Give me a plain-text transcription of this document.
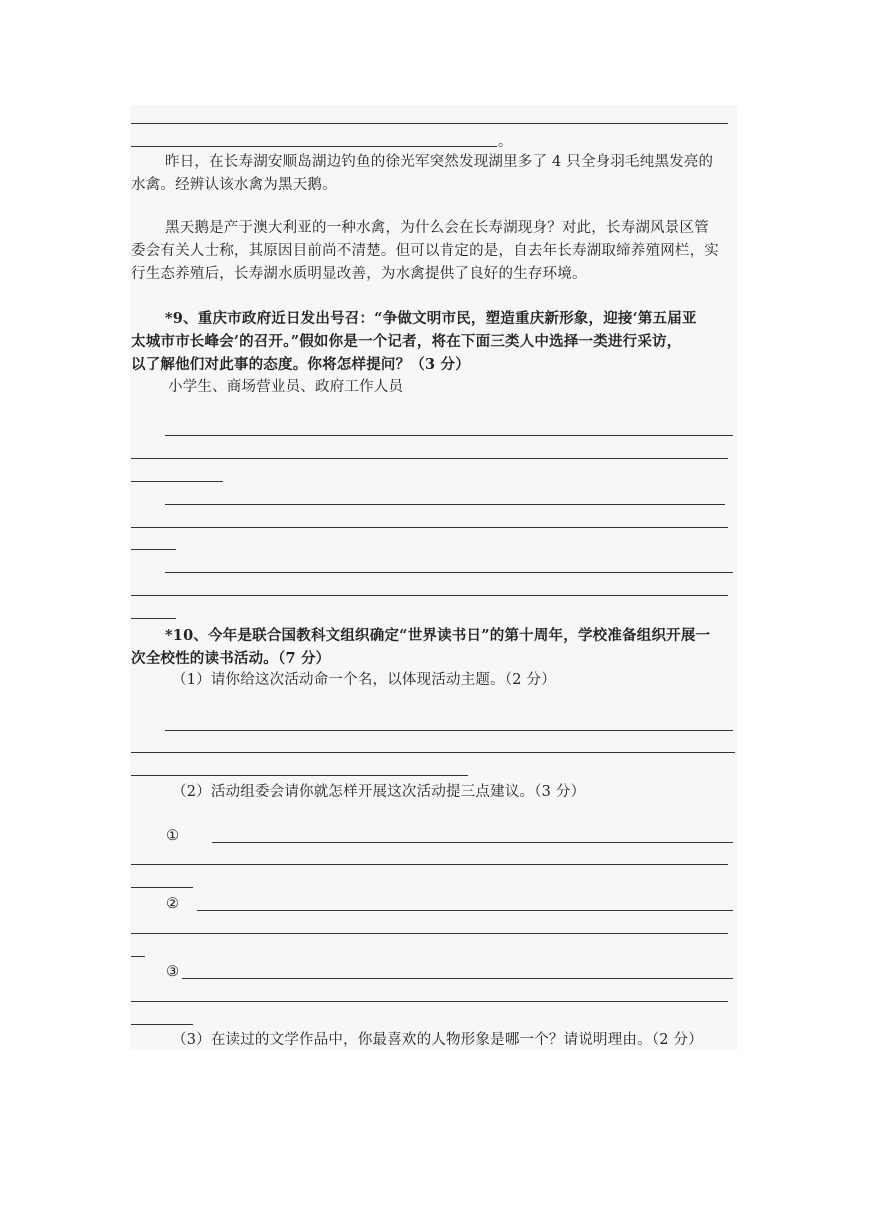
。
昨日，在长寿湖安顺岛湖边钓鱼的徐光军突然发现湖里多了 4 只全身羽毛纯黑发亮的
水禽。经辨认该水禽为黑天鹅。
黑天鹅是产于澳大利亚的一种水禽，为什么会在长寿湖现身？对此，长寿湖风景区管
委会有关人士称，其原因目前尚不清楚。但可以肯定的是，自去年长寿湖取缔养殖网栏，实
行生态养殖后，长寿湖水质明显改善，为水禽提供了良好的生存环境。
*9、重庆市政府近日发出号召：“争做文明市民，塑造重庆新形象，迎接‘第五届亚
太城市市长峰会’的召开。”假如你是一个记者，将在下面三类人中选择一类进行采访，
以了解他们对此事的态度。你将怎样提问？（3 分）
小学生、商场营业员、政府工作人员
*10、今年是联合国教科文组织确定“世界读书日”的第十周年，学校准备组织开展一
次全校性的读书活动。（7 分）
（1）请你给这次活动命一个名，以体现活动主题。（2 分）
（2）活动组委会请你就怎样开展这次活动提三点建议。（3 分）
①
②
③
（3）在读过的文学作品中，你最喜欢的人物形象是哪一个？请说明理由。（2 分）
